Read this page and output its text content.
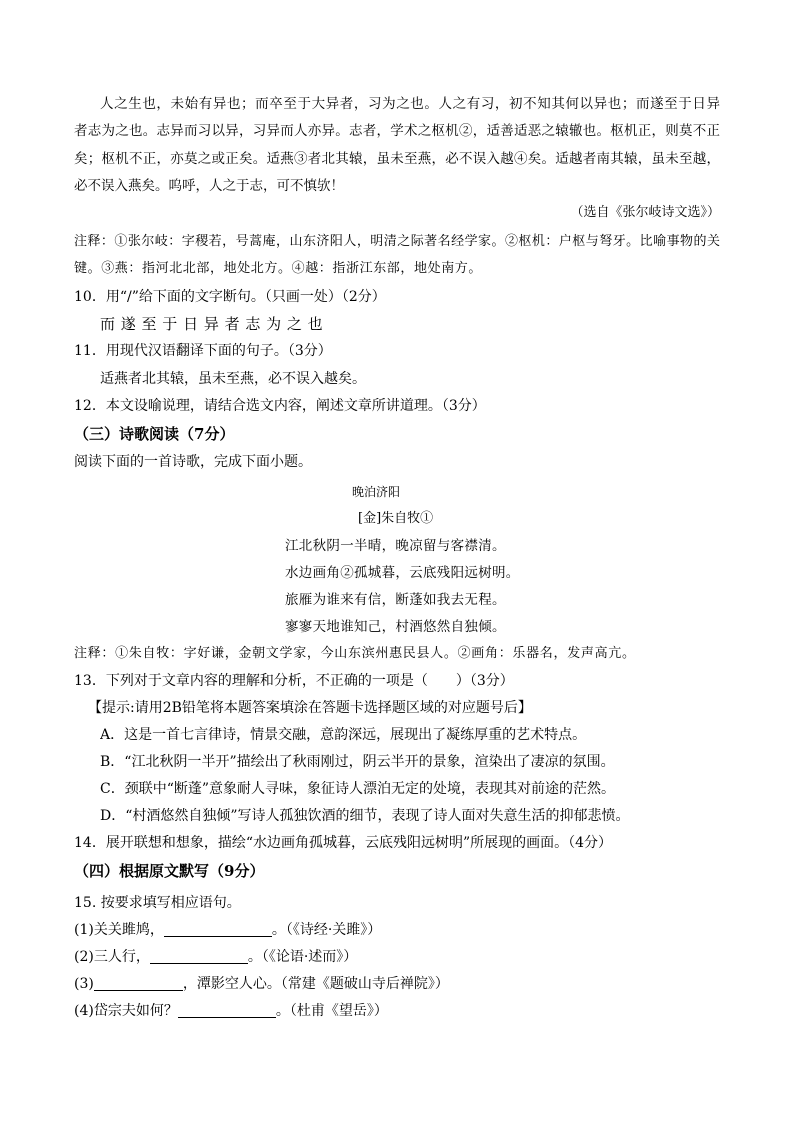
人之生也，未始有异也；而卒至于大异者，习为之也。人之有习，初不知其何以异也；而遂至于日异
者志为之也。志异而习以异，习异而人亦异。志者，学术之枢机②，适善适恶之辕辙也。枢机正，则莫不正
矣；枢机不正，亦莫之或正矣。适燕③者北其辕，虽未至燕，必不误入越④矣。适越者南其辕，虽未至越，
必不误入燕矣。呜呼，人之于志，可不慎欤！
（选自《张尔岐诗文选》）
注释：①张尔岐：字稷若，号蒿庵，山东济阳人，明清之际著名经学家。②枢机：户枢与弩牙。比喻事物的关
键。③燕：指河北北部，地处北方。④越：指浙江东部，地处南方。
10．用“/”给下面的文字断句。（只画一处）（2分）
而 遂 至 于 日 异 者 志 为 之 也
11．用现代汉语翻译下面的句子。（3分）
适燕者北其辕，虽未至燕，必不误入越矣。
12．本文设喻说理，请结合选文内容，阐述文章所讲道理。（3分）
（三）诗歌阅读（7分）
阅读下面的一首诗歌，完成下面小题。
晚泊济阳
[金]朱自牧①
江北秋阴一半晴，晚凉留与客襟清。
水边画角②孤城暮，云底残阳远树明。
旅雁为谁来有信，断蓬如我去无程。
寥寥天地谁知己，村酒悠然自独倾。
注释：①朱自牧：字好谦，金朝文学家，今山东滨州惠民县人。②画角：乐器名，发声高亢。
13．下列对于文章内容的理解和分析，不正确的一项是（　　）（3分）
【提示:请用2B铅笔将本题答案填涂在答题卡选择题区域的对应题号后】
A．这是一首七言律诗，情景交融，意韵深远，展现出了凝练厚重的艺术特点。
B．“江北秋阴一半开”描绘出了秋雨刚过，阴云半开的景象，渲染出了凄凉的氛围。
C．颈联中“断蓬”意象耐人寻味，象征诗人漂泊无定的处境，表现其对前途的茫然。
D．“村酒悠然自独倾”写诗人孤独饮酒的细节，表现了诗人面对失意生活的抑郁悲愤。
14．展开联想和想象，描绘“水边画角孤城暮，云底残阳远树明”所展现的画面。（4分）
（四）根据原文默写（9分）
15. 按要求填写相应语句。
(1)关关雎鸠，	。（《诗经·关雎》）
(2)三人行，	。（《论语·述而》）
(3)	，潭影空人心。（常建《题破山寺后禅院》）
(4)岱宗夫如何？	。（杜甫《望岳》）
